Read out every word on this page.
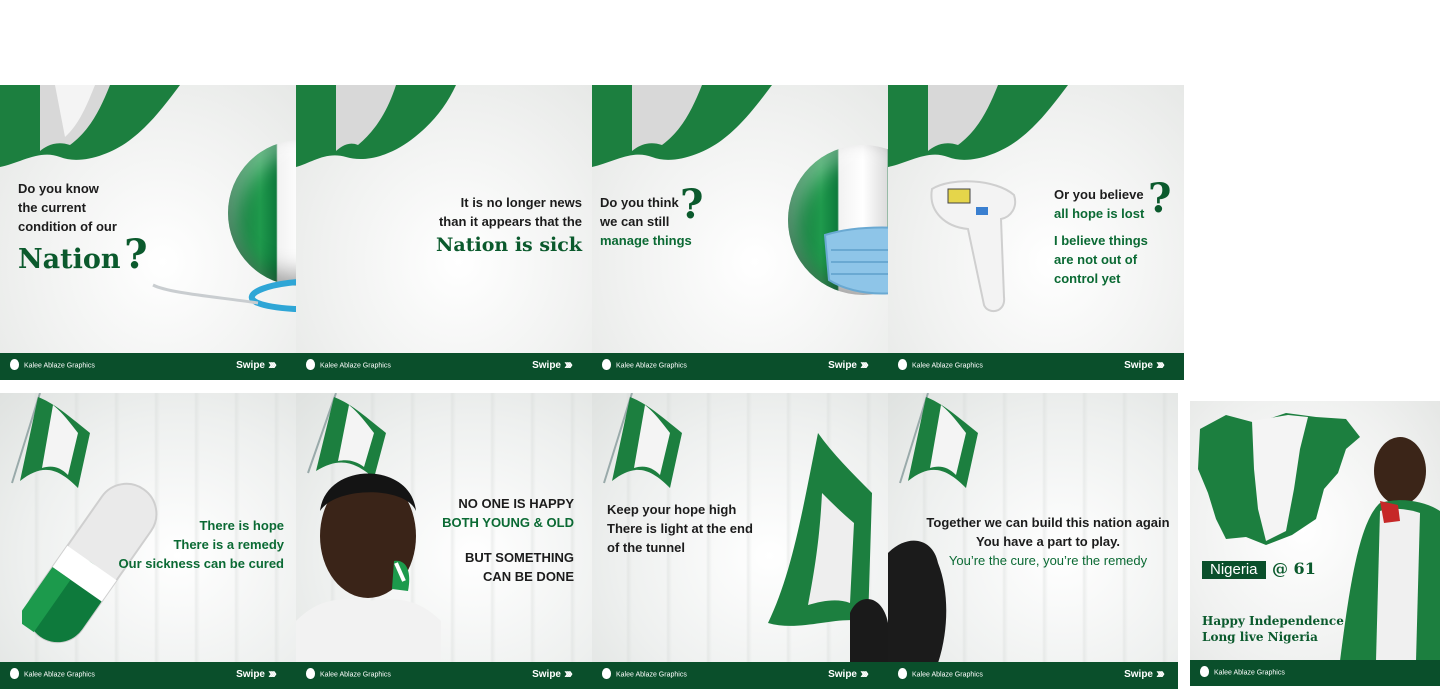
Do you know
the current
condition of our
Nation ?
Kalee Ablaze Graphics	Swipe ›››
It is no longer news
than it appears that the
Nation is sick
Kalee Ablaze Graphics	Swipe ›››
Do you think
we can still
manage things
?
Kalee Ablaze Graphics	Swipe ›››
Or you believe
all hope is lost
I believe things
are not out of
control yet
?
Kalee Ablaze Graphics	Swipe ›››
There is hope
There is a remedy
Our sickness can be cured
Kalee Ablaze Graphics	Swipe ›››
NO ONE IS HAPPY
BOTH YOUNG & OLD
BUT SOMETHING
CAN BE DONE
Kalee Ablaze Graphics	Swipe ›››
Keep your hope high
There is light at the end
of the tunnel
Kalee Ablaze Graphics	Swipe ›››
Together we can build this nation again
You have a part to play.
You’re the cure, you’re the remedy
Kalee Ablaze Graphics	Swipe ›››
Nigeria @ 61
Happy Independence
Long live Nigeria
Kalee Ablaze Graphics
